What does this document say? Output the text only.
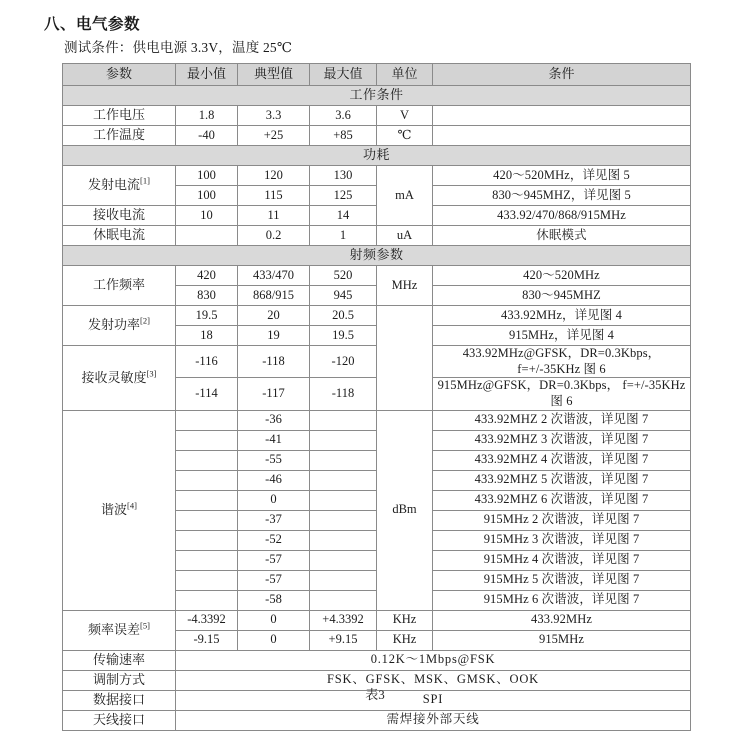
八、电气参数
测试条件：供电电源 3.3V，温度 25℃
参数	最小值	典型值	最大值	单位	条件
工作条件					
工作电压	1.8	3.3	3.6	V	
工作温度	-40	+25	+85	℃	
功耗					
发射电流[1]	100	120	130	mA	420～520MHz，详见图 5
	100	115	125		830～945MHZ，详见图 5
接收电流	10	11	14		433.92/470/868/915MHz
休眠电流		0.2	1	uA	休眠模式
射频参数					
工作频率	420	433/470	520	MHz	420～520MHz
	830	868/915	945		830～945MHZ
发射功率[2]	19.5	20	20.5		433.92MHz，详见图 4
	18	19	19.5		915MHz，详见图 4
接收灵敏度[3]	-116	-118	-120		433.92MHz@GFSK，DR=0.3Kbps， f=+/-35KHz 图 6
	-114	-117	-118		915MHz@GFSK，DR=0.3Kbps， f=+/-35KHz 图 6
谐波[4]		-36		dBm	433.92MHZ 2 次谐波，详见图 7
		-41			433.92MHZ 3 次谐波，详见图 7
		-55			433.92MHZ 4 次谐波，详见图 7
		-46			433.92MHZ 5 次谐波，详见图 7
		0			433.92MHZ 6 次谐波，详见图 7
		-37			915MHz 2 次谐波，详见图 7
		-52			915MHz 3 次谐波，详见图 7
		-57			915MHz 4 次谐波，详见图 7
		-57			915MHz 5 次谐波，详见图 7
		-58			915MHz 6 次谐波，详见图 7
频率误差[5]	-4.3392	0	+4.3392	KHz	433.92MHz
	-9.15	0	+9.15	KHz	915MHz
传输速率	0.12K～1Mbps@FSK				
调制方式	FSK、GFSK、MSK、GMSK、OOK				
数据接口	SPI				
天线接口	需焊接外部天线				
表3
